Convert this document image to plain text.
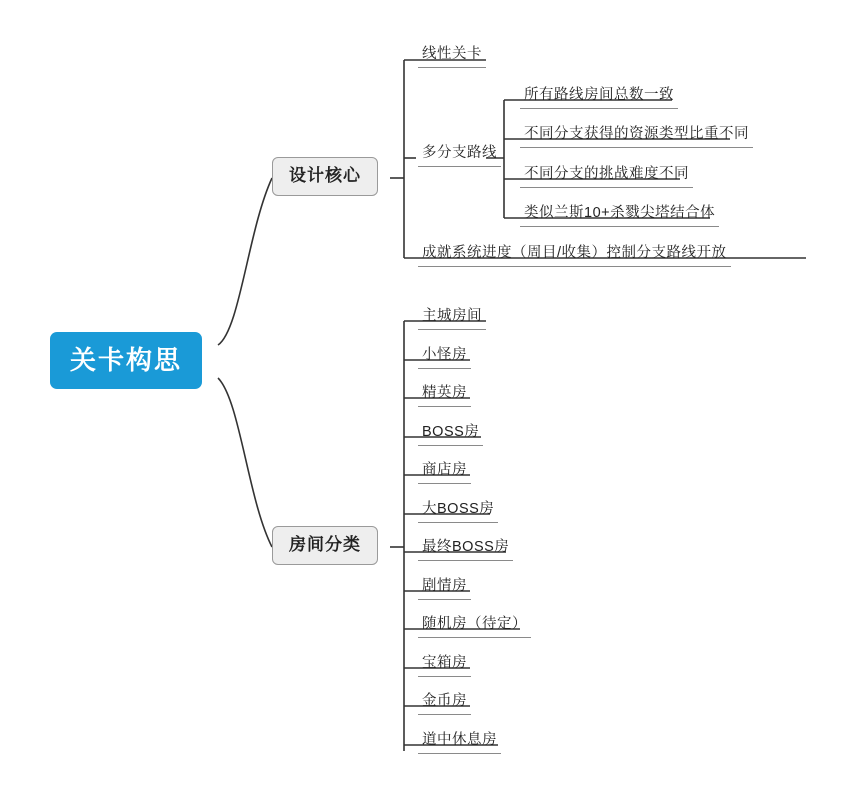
关卡构思
设计核心
线性关卡
多分支路线
所有路线房间总数一致
不同分支获得的资源类型比重不同
不同分支的挑战难度不同
类似兰斯10+杀戮尖塔结合体
成就系统进度（周目/收集）控制分支路线开放
房间分类
主城房间
小怪房
精英房
BOSS房
商店房
大BOSS房
最终BOSS房
剧情房
随机房（待定）
宝箱房
金币房
道中休息房
